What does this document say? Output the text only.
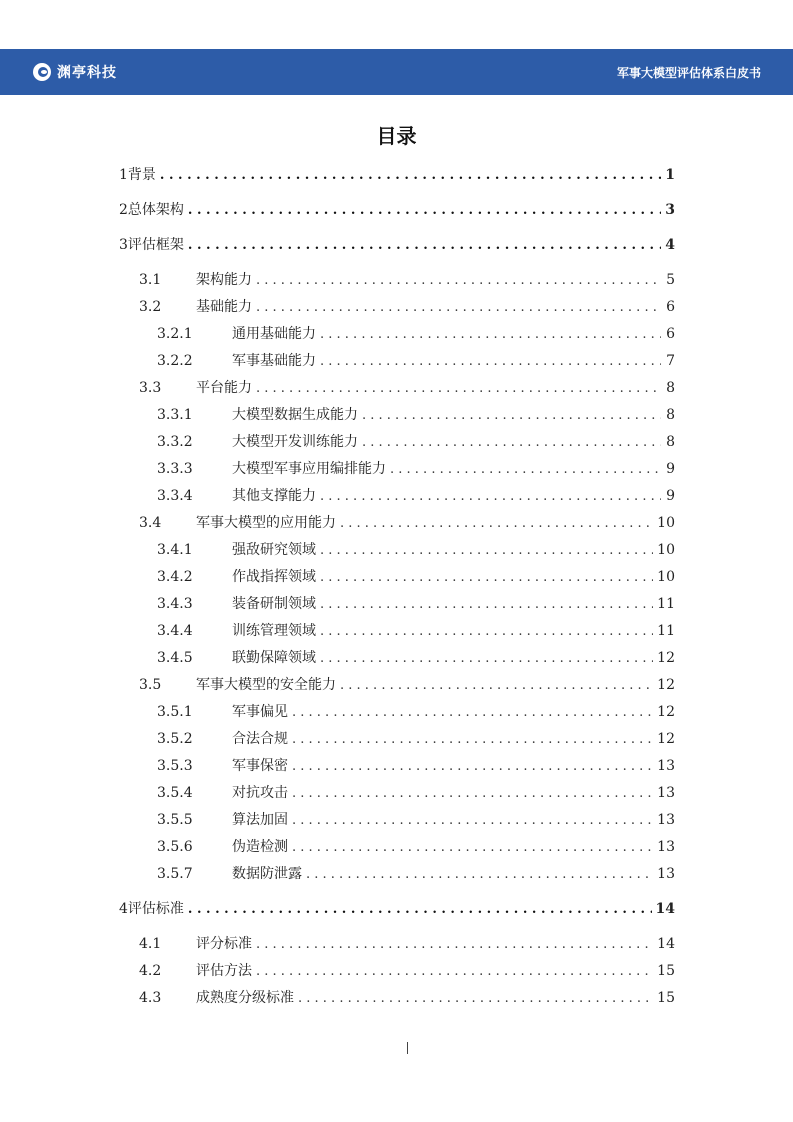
渊亭科技	军事大模型评估体系白皮书
目录
1 背景 . . .	1
2 总体架构 . . .	3
3 评估框架 . . .	4
3.1	架构能力 . . .	5
3.2	基础能力 . . .	6
3.2.1	通用基础能力 . . .	6
3.2.2	军事基础能力 . . .	7
3.3	平台能力 . . .	8
3.3.1	大模型数据生成能力 . . .	8
3.3.2	大模型开发训练能力 . . .	8
3.3.3	大模型军事应用编排能力 . . .	9
3.3.4	其他支撑能力 . . .	9
3.4	军事大模型的应用能力 . . .	10
3.4.1	强敌研究领域 . . .	10
3.4.2	作战指挥领域 . . .	10
3.4.3	装备研制领域 . . .	11
3.4.4	训练管理领域 . . .	11
3.4.5	联勤保障领域 . . .	12
3.5	军事大模型的安全能力 . . .	12
3.5.1	军事偏见 . . .	12
3.5.2	合法合规 . . .	12
3.5.3	军事保密 . . .	13
3.5.4	对抗攻击 . . .	13
3.5.5	算法加固 . . .	13
3.5.6	伪造检测 . . .	13
3.5.7	数据防泄露 . . .	13
4 评估标准 . . .	14
4.1	评分标准 . . .	14
4.2	评估方法 . . .	15
4.3	成熟度分级标准 . . .	15
